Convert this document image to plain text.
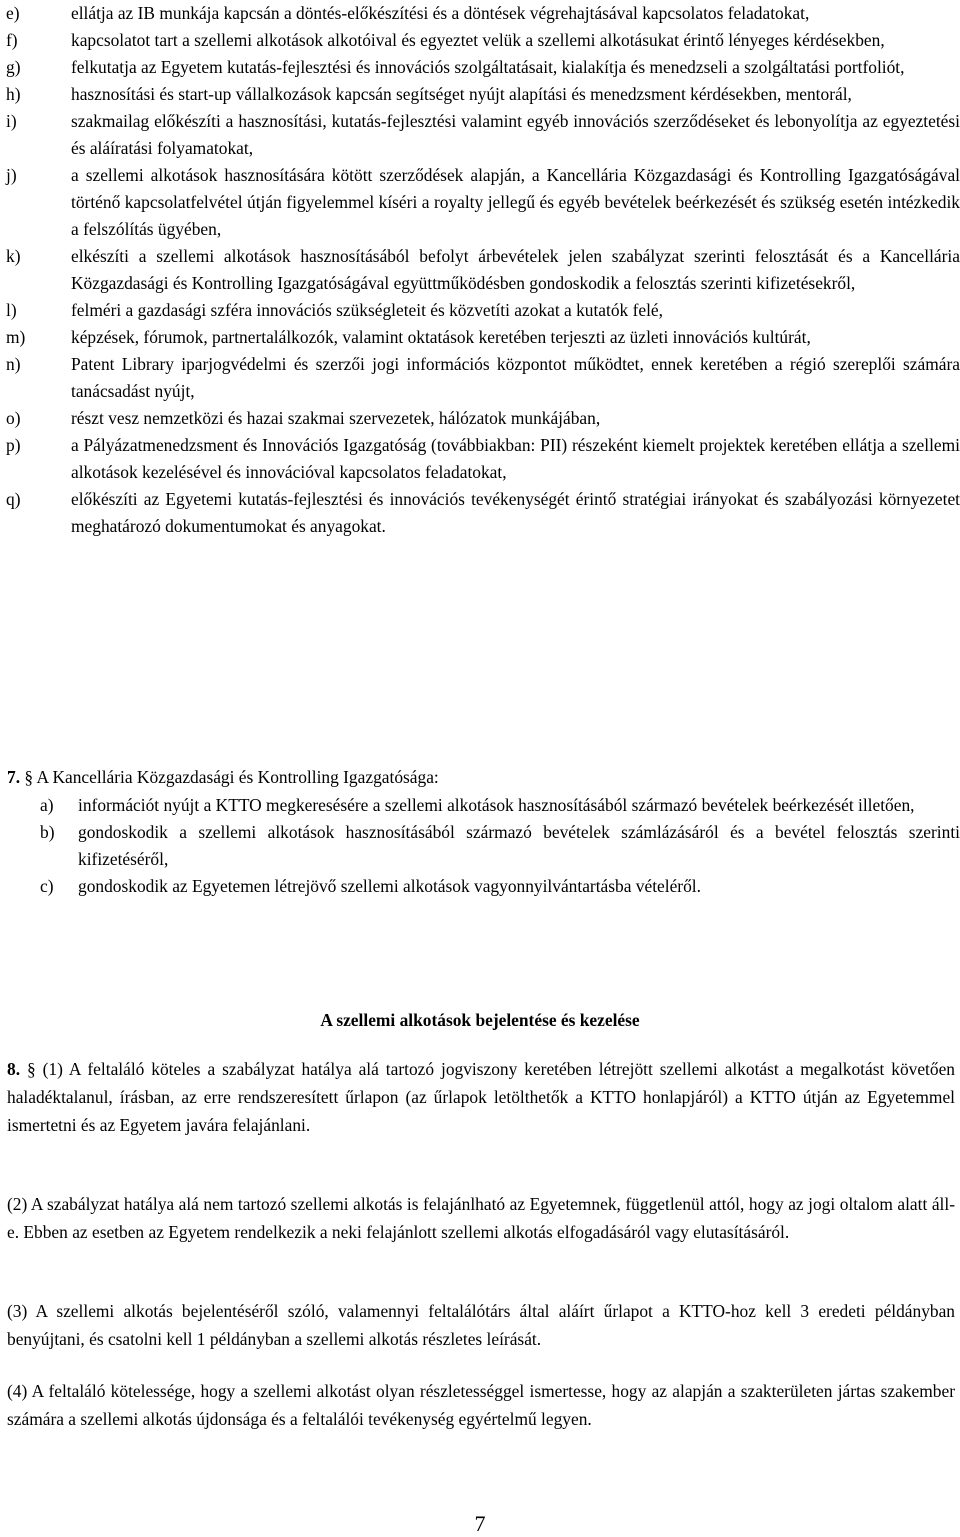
e)	ellátja az IB munkája kapcsán a döntés-előkészítési és a döntések végrehajtásával kapcsolatos feladatokat,
f)	kapcsolatot tart a szellemi alkotások alkotóival és egyeztet velük a szellemi alkotásukat érintő lényeges kérdésekben,
g)	felkutatja az Egyetem kutatás-fejlesztési és innovációs szolgáltatásait, kialakítja és menedzseli a szolgáltatási portfoliót,
h)	hasznosítási és start-up vállalkozások kapcsán segítséget nyújt alapítási és menedzsment kérdésekben, mentorál,
i)	szakmailag előkészíti a hasznosítási, kutatás-fejlesztési valamint egyéb innovációs szerződéseket és lebonyolítja az egyeztetési és aláíratási folyamatokat,
j)	a szellemi alkotások hasznosítására kötött szerződések alapján, a Kancellária Közgazdasági és Kontrolling Igazgatóságával történő kapcsolatfelvétel útján figyelemmel kíséri a royalty jellegű és egyéb bevételek beérkezését és szükség esetén intézkedik a felszólítás ügyében,
k)	elkészíti a szellemi alkotások hasznosításából befolyt árbevételek jelen szabályzat szerinti felosztását és a Kancellária Közgazdasági és Kontrolling Igazgatóságával együttműködésben gondoskodik a felosztás szerinti kifizetésekről,
l)	felméri a gazdasági szféra innovációs szükségleteit és közvetíti azokat a kutatók felé,
m)	képzések, fórumok, partnertalálkozók, valamint oktatások keretében terjeszti az üzleti innovációs kultúrát,
n)	Patent Library iparjogvédelmi és szerzői jogi információs központot működtet, ennek keretében a régió szereplői számára tanácsadást nyújt,
o)	részt vesz nemzetközi és hazai szakmai szervezetek, hálózatok munkájában,
p)	a Pályázatmenedzsment és Innovációs Igazgatóság (továbbiakban: PII) részeként kiemelt projektek keretében ellátja a szellemi alkotások kezelésével és innovációval kapcsolatos feladatokat,
q)	előkészíti az Egyetemi kutatás-fejlesztési és innovációs tevékenységét érintő stratégiai irányokat és szabályozási környezetet meghatározó dokumentumokat és anyagokat.
7. § A Kancellária Közgazdasági és Kontrolling Igazgatósága:
a) információt nyújt a KTTO megkeresésére a szellemi alkotások hasznosításából származó bevételek beérkezését illetően,
b) gondoskodik a szellemi alkotások hasznosításából származó bevételek számlázásáról és a bevétel felosztás szerinti kifizetéséről,
c) gondoskodik az Egyetemen létrejövő szellemi alkotások vagyonnyilvántartásba vételéről.
A szellemi alkotások bejelentése és kezelése
8. § (1) A feltaláló köteles a szabályzat hatálya alá tartozó jogviszony keretében létrejött szellemi alkotást a megalkotást követően haladéktalanul, írásban, az erre rendszeresített űrlapon (az űrlapok letölthetők a KTTO honlapjáról) a KTTO útján az Egyetemmel ismertetni és az Egyetem javára felajánlani.
(2) A szabályzat hatálya alá nem tartozó szellemi alkotás is felajánlható az Egyetemnek, függetlenül attól, hogy az jogi oltalom alatt áll-e. Ebben az esetben az Egyetem rendelkezik a neki felajánlott szellemi alkotás elfogadásáról vagy elutasításáról.
(3) A szellemi alkotás bejelentéséről szóló, valamennyi feltalálótárs által aláírt űrlapot a KTTO-hoz kell 3 eredeti példányban benyújtani, és csatolni kell 1 példányban a szellemi alkotás részletes leírását.
(4) A feltaláló kötelessége, hogy a szellemi alkotást olyan részletességgel ismertesse, hogy az alapján a szakterületen jártas szakember számára a szellemi alkotás újdonsága és a feltalálói tevékenység egyértelmű legyen.
7
